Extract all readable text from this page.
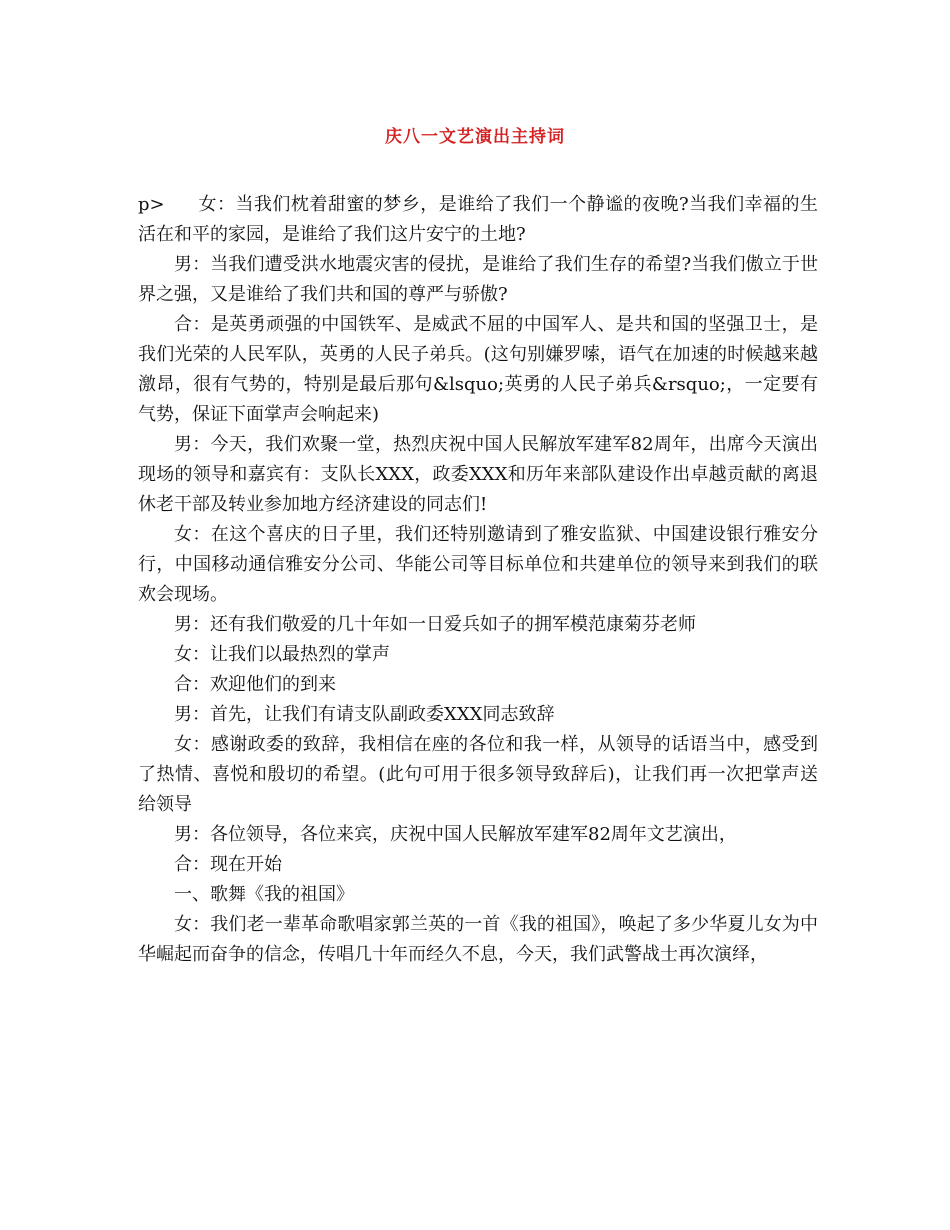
庆八一文艺演出主持词

p> 女：当我们枕着甜蜜的梦乡，是谁给了我们一个静谧的夜晚?当我们幸福的生活在和平的家园，是谁给了我们这片安宁的土地?

男：当我们遭受洪水地震灾害的侵扰，是谁给了我们生存的希望?当我们傲立于世界之强，又是谁给了我们共和国的尊严与骄傲?

合：是英勇顽强的中国铁军、是威武不屈的中国军人、是共和国的坚强卫士，是我们光荣的人民军队，英勇的人民子弟兵。(这句别嫌罗嗦，语气在加速的时候越来越激昂，很有气势的，特别是最后那句&lsquo;英勇的人民子弟兵&rsquo;，一定要有气势，保证下面掌声会响起来)

男：今天，我们欢聚一堂，热烈庆祝中国人民解放军建军82周年，出席今天演出现场的领导和嘉宾有：支队长XXX，政委XXX和历年来部队建设作出卓越贡献的离退休老干部及转业参加地方经济建设的同志们!

女：在这个喜庆的日子里，我们还特别邀请到了雅安监狱、中国建设银行雅安分行，中国移动通信雅安分公司、华能公司等目标单位和共建单位的领导来到我们的联欢会现场。

男：还有我们敬爱的几十年如一日爱兵如子的拥军模范康菊芬老师

女：让我们以最热烈的掌声

合：欢迎他们的到来

男：首先，让我们有请支队副政委XXX同志致辞

女：感谢政委的致辞，我相信在座的各位和我一样，从领导的话语当中，感受到了热情、喜悦和殷切的希望。(此句可用于很多领导致辞后)，让我们再一次把掌声送给领导

男：各位领导，各位来宾，庆祝中国人民解放军建军82周年文艺演出，

合：现在开始

一、歌舞《我的祖国》

女：我们老一辈革命歌唱家郭兰英的一首《我的祖国》，唤起了多少华夏儿女为中华崛起而奋争的信念，传唱几十年而经久不息，今天，我们武警战士再次演绎，
